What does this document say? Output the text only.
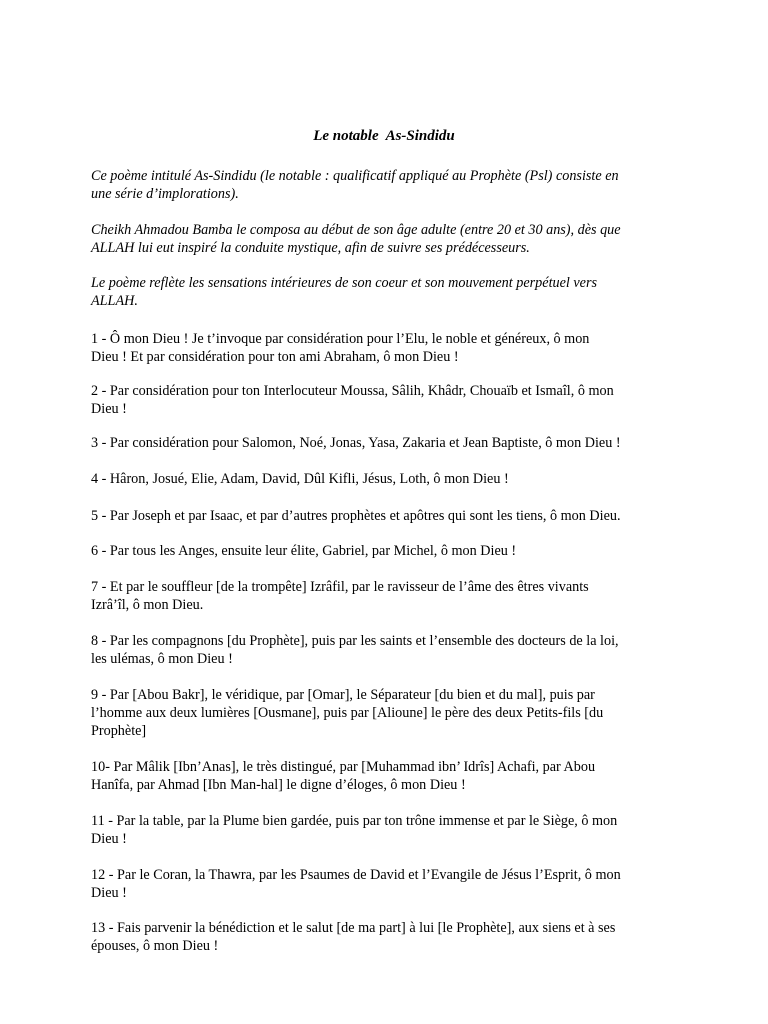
Le notable  As-Sindidu
Ce poème intitulé As-Sindidu (le notable : qualificatif appliqué au Prophète (Psl) consiste en
une série d’implorations).
Cheikh Ahmadou Bamba le composa au début de son âge adulte (entre 20 et 30 ans), dès que
ALLAH lui eut inspiré la conduite mystique, afin de suivre ses prédécesseurs.
Le poème reflète les sensations intérieures de son coeur et son mouvement perpétuel vers
ALLAH.
1 - Ô mon Dieu ! Je t’invoque par considération pour l’Elu, le noble et généreux, ô mon
Dieu ! Et par considération pour ton ami Abraham, ô mon Dieu !
2 - Par considération pour ton Interlocuteur Moussa, Sâlih, Khâdr, Chouaïb et Ismaîl, ô mon
Dieu !
3 - Par considération pour Salomon, Noé, Jonas, Yasa, Zakaria et Jean Baptiste, ô mon Dieu !
4 - Hâron, Josué, Elie, Adam, David, Dûl Kifli, Jésus, Loth, ô mon Dieu !
5 - Par Joseph et par Isaac, et par d’autres prophètes et apôtres qui sont les tiens, ô mon Dieu.
6 - Par tous les Anges, ensuite leur élite, Gabriel, par Michel, ô mon Dieu !
7 - Et par le souffleur [de la trompête] Izrâfil, par le ravisseur de l’âme des êtres vivants
Izrâ’îl, ô mon Dieu.
8 - Par les compagnons [du Prophète], puis par les saints et l’ensemble des docteurs de la loi,
les ulémas, ô mon Dieu !
9 - Par [Abou Bakr], le véridique, par [Omar], le Séparateur [du bien et du mal], puis par
l’homme aux deux lumières [Ousmane], puis par [Alioune] le père des deux Petits-fils [du
Prophète]
10- Par Mâlik [Ibn’Anas], le très distingué, par [Muhammad ibn’ Idrîs] Achafi, par Abou
Hanîfa, par Ahmad [Ibn Man-hal] le digne d’éloges, ô mon Dieu !
11 - Par la table, par la Plume bien gardée, puis par ton trône immense et par le Siège, ô mon
Dieu !
12 - Par le Coran, la Thawra, par les Psaumes de David et l’Evangile de Jésus l’Esprit, ô mon
Dieu !
13 - Fais parvenir la bénédiction et le salut [de ma part] à lui [le Prophète], aux siens et à ses
épouses, ô mon Dieu !
